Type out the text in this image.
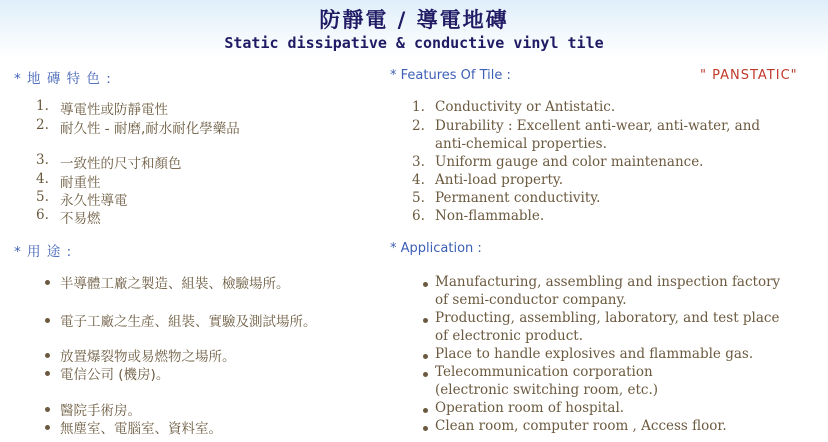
防靜電 / 導電地磚
Static dissipative & conductive vinyl tile
* 地 磚 特 色 :	* Features Of Tile :	" PANSTATIC"
1. 導電性或防靜電性
2. 耐久性 - 耐磨,耐水耐化學藥品
3. 一致性的尺寸和顏色
4. 耐重性
5. 永久性導電
6. 不易燃
1. Conductivity or Antistatic.
2. Durability : Excellent anti-wear, anti-water, and
anti-chemical properties.
3. Uniform gauge and color maintenance.
4. Anti-load property.
5. Permanent conductivity.
6. Non-flammable.
* 用 途 :	* Application :
半導體工廠之製造、組裝、檢驗場所。
電子工廠之生產、組裝、實驗及測試場所。
放置爆裂物或易燃物之場所。
電信公司 (機房)。
醫院手術房。
無塵室、電腦室、資料室。
Manufacturing, assembling and inspection factory
of semi-conductor company.
Producting, assembling, laboratory, and test place
of electronic product.
Place to handle explosives and flammable gas.
Telecommunication corporation
(electronic switching room, etc.)
Operation room of hospital.
Clean room, computer room , Access floor.
